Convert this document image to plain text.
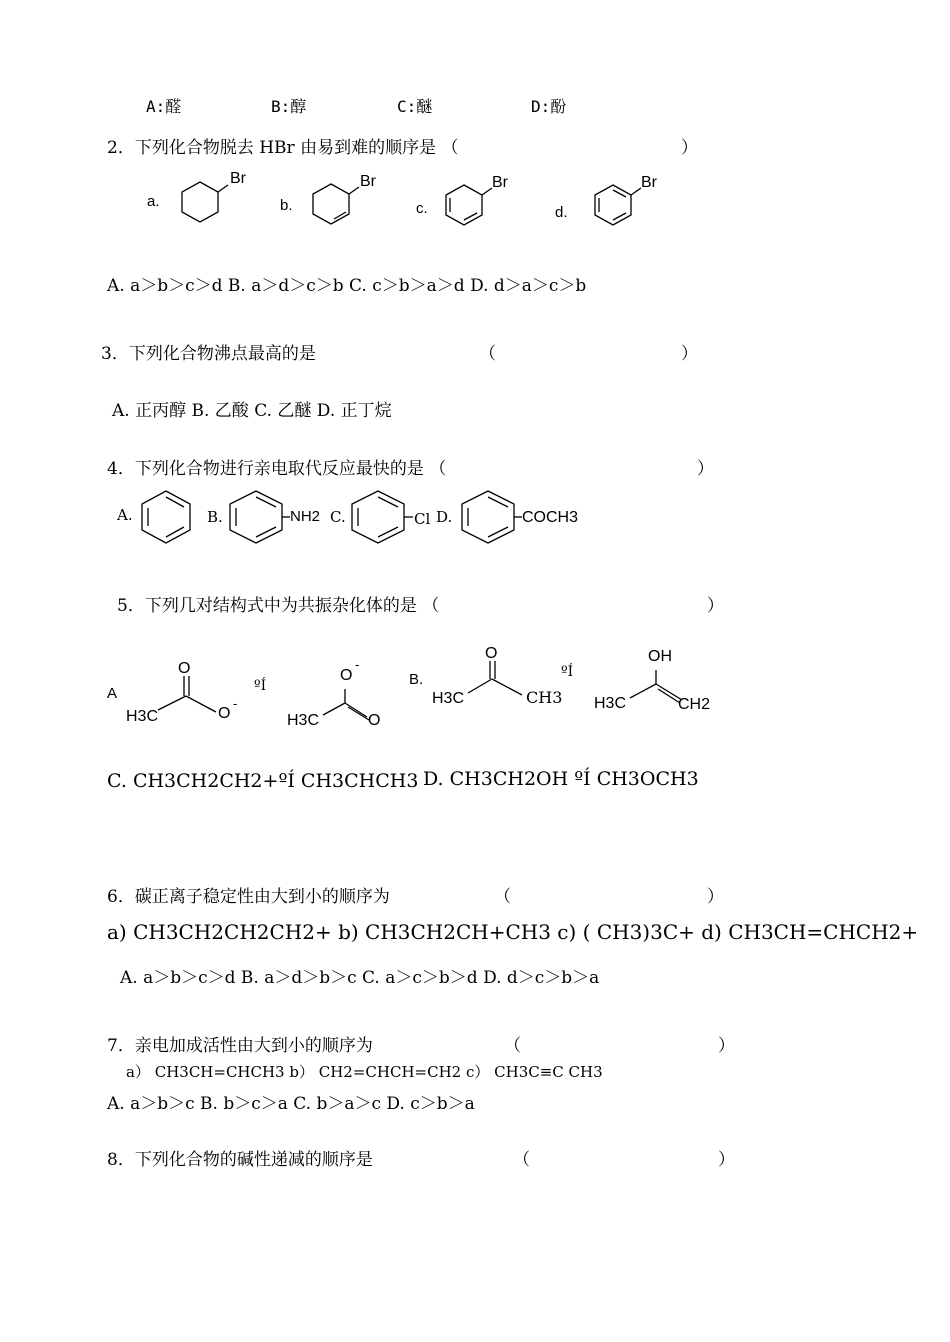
A:醛	B:醇	C:醚	D:酚
2．下列化合物脱去 HBr 由易到难的顺序是 （	）
a.
Br
b.
Br
c.
Br
d.
Br
A. a＞b＞c＞d B. a＞d＞c＞b C. c＞b＞a＞d D. d＞a＞c＞b
3．下列化合物沸点最高的是	（	）
A. 正丙醇 B. 乙酸 C. 乙醚 D. 正丁烷
4．下列化合物进行亲电取代反应最快的是 （	）
A.	B.	NH2 C.	Cl D.	COCH3
5．下列几对结构式中为共振杂化体的是 （	）
A
O
O
-
H3C
ºÍ
O
-
O
H3C
B.
O
H3C	CH3
ºÍ
OH
H3C	CH2
C. CH3CH2CH2+ºÍ CH3CHCH3 D. CH3CH2OH ºÍ CH3OCH3
6．碳正离子稳定性由大到小的顺序为	（	）
a) CH3CH2CH2CH2+ b) CH3CH2CH+CH3 c) ( CH3)3C+ d) CH3CH=CHCH2+
A. a＞b＞c＞d B. a＞d＞b＞c C. a＞c＞b＞d D. d＞c＞b＞a
7．亲电加成活性由大到小的顺序为	（	）
a） CH3CH=CHCH3 b） CH2=CHCH=CH2 c） CH3C≡C CH3
A. a＞b＞c B. b＞c＞a C. b＞a＞c D. c＞b＞a
8．下列化合物的碱性递减的顺序是	（	）
